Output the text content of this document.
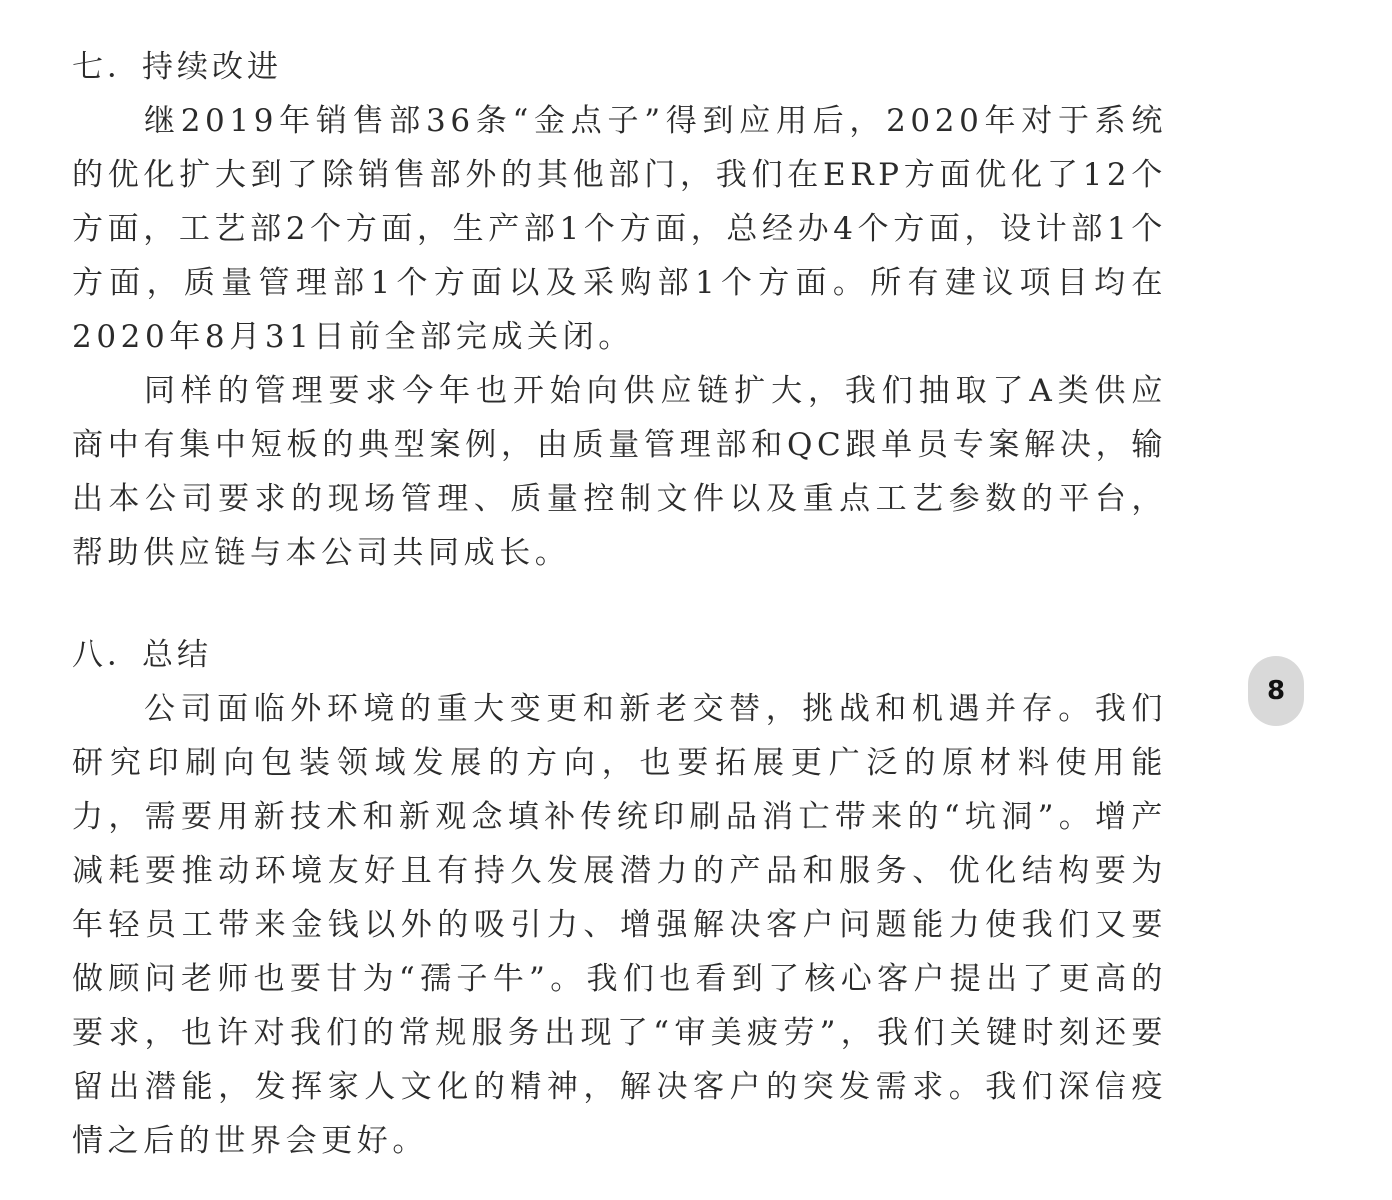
七．持续改进

继2019年销售部36条“金点子”得到应用后，2020年对于系统的优化扩大到了除销售部外的其他部门，我们在ERP方面优化了12个方面，工艺部2个方面，生产部1个方面，总经办4个方面，设计部1个方面，质量管理部1个方面以及采购部1个方面。所有建议项目均在2020年8月31日前全部完成关闭。

同样的管理要求今年也开始向供应链扩大，我们抽取了A类供应商中有集中短板的典型案例，由质量管理部和QC跟单员专案解决，输出本公司要求的现场管理、质量控制文件以及重点工艺参数的平台，帮助供应链与本公司共同成长。

八．总结

公司面临外环境的重大变更和新老交替，挑战和机遇并存。我们研究印刷向包装领域发展的方向，也要拓展更广泛的原材料使用能力，需要用新技术和新观念填补传统印刷品消亡带来的“坑洞”。增产减耗要推动环境友好且有持久发展潜力的产品和服务、优化结构要为年轻员工带来金钱以外的吸引力、增强解决客户问题能力使我们又要做顾问老师也要甘为“孺子牛”。我们也看到了核心客户提出了更高的要求，也许对我们的常规服务出现了“审美疲劳”，我们关键时刻还要留出潜能，发挥家人文化的精神，解决客户的突发需求。我们深信疫情之后的世界会更好。

8
